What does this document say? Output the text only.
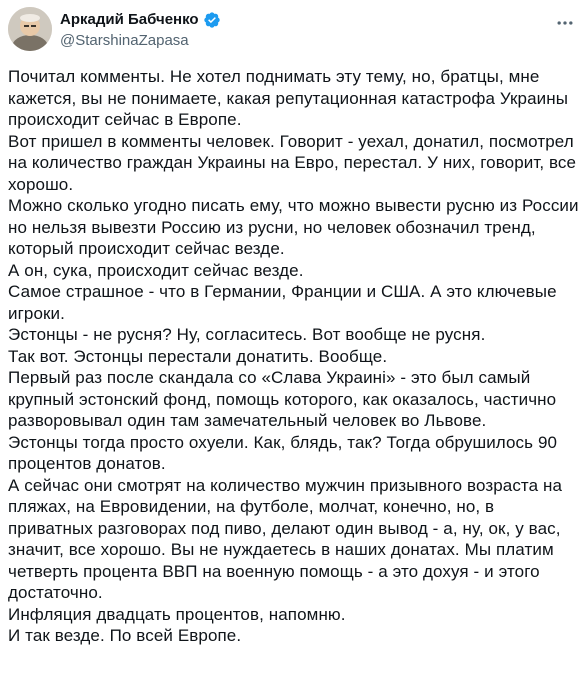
Аркадий Бабченко
@StarshinaZapasa

Почитал комменты. Не хотел поднимать эту тему, но, братцы, мне кажется, вы не понимаете, какая репутационная катастрофа Украины происходит сейчас в Европе.

Вот пришел в комменты человек. Говорит - уехал, донатил, посмотрел на количество граждан Украины на Евро, перестал. У них, говорит, все хорошо.

Можно сколько угодно писать ему, что можно вывести русню из России но нельзя вывезти Россию из русни, но человек обозначил тренд, который происходит сейчас везде.

А он, сука, происходит сейчас везде.

Самое страшное - что в Германии, Франции и США. А это ключевые игроки.

Эстонцы - не русня? Ну, согласитесь. Вот вообще не русня.

Так вот. Эстонцы перестали донатить. Вообще.

Первый раз после скандала со «Слава Украинi» - это был самый крупный эстонский фонд, помощь которого, как оказалось, частично разворовывал один там замечательный человек во Львове.

Эстонцы тогда просто охуели. Как, блядь, так? Тогда обрушилось 90 процентов донатов.

А сейчас они смотрят на количество мужчин призывного возраста на пляжах, на Евровидении, на футболе, молчат, конечно, но, в приватных разговорах под пиво, делают один вывод - а, ну, ок, у вас, значит, все хорошо. Вы не нуждаетесь в наших донатах. Мы платим четверть процента ВВП на военную помощь - а это дохуя - и этого достаточно.

Инфляция двадцать процентов, напомню.

И так везде. По всей Европе.
